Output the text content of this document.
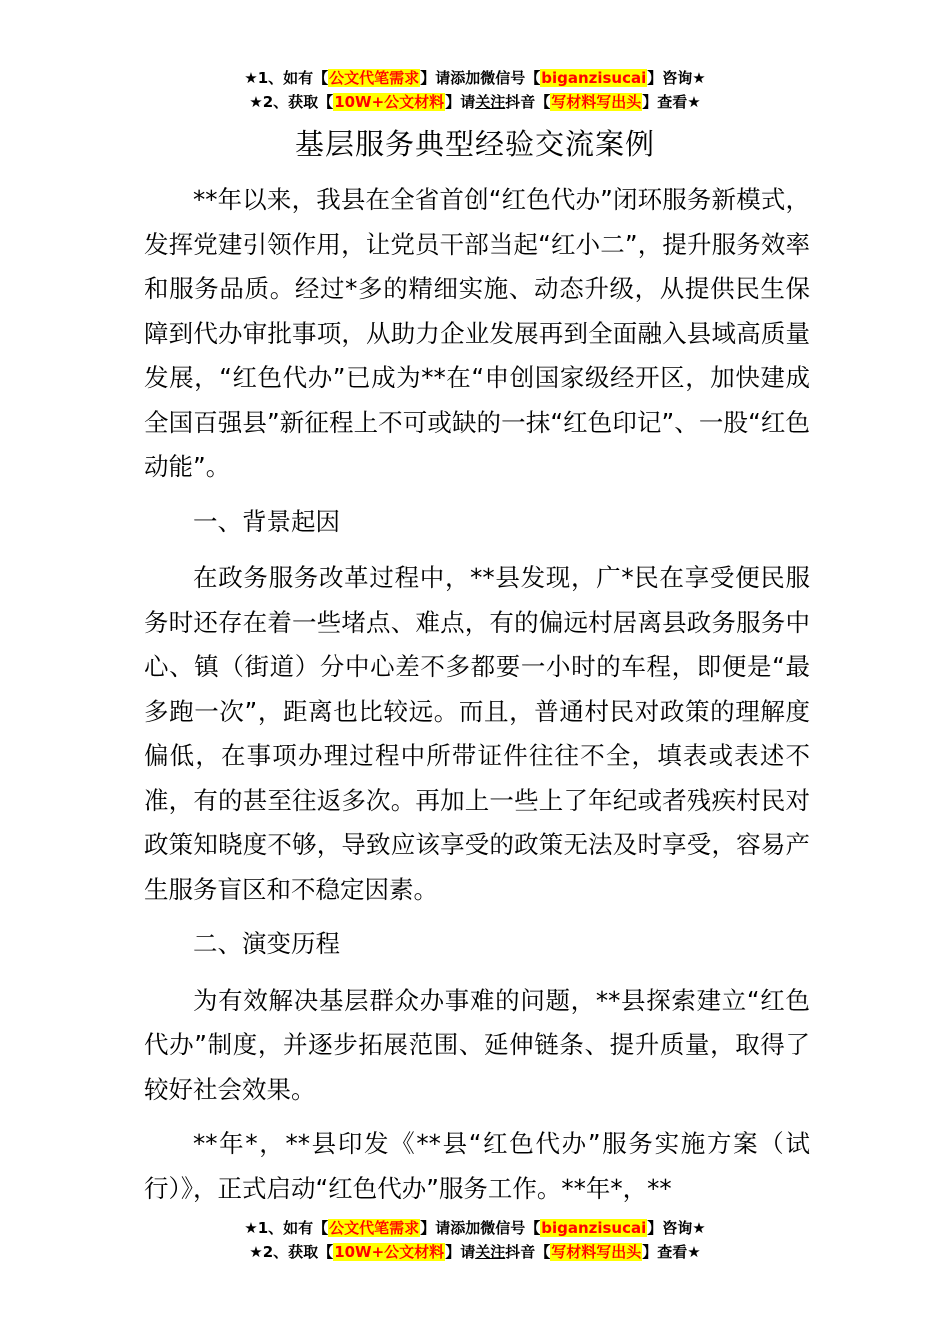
★1、如有【公文代笔需求】请添加微信号【biganzisucai】咨询★
★2、获取【10W+公文材料】请关注抖音【写材料写出头】查看★
基层服务典型经验交流案例

**年以来，我县在全省首创“红色代办”闭环服务新模式，发挥党建引领作用，让党员干部当起“红小二”，提升服务效率和服务品质。经过*多的精细实施、动态升级，从提供民生保障到代办审批事项，从助力企业发展再到全面融入县域高质量发展，“红色代办”已成为**在“申创国家级经开区，加快建成全国百强县”新征程上不可或缺的一抹“红色印记”、一股“红色动能”。

一、背景起因

在政务服务改革过程中，**县发现，广*民在享受便民服务时还存在着一些堵点、难点，有的偏远村居离县政务服务中心、镇（街道）分中心差不多都要一小时的车程，即便是“最多跑一次”，距离也比较远。而且，普通村民对政策的理解度偏低，在事项办理过程中所带证件往往不全，填表或表述不准，有的甚至往返多次。再加上一些上了年纪或者残疾村民对政策知晓度不够，导致应该享受的政策无法及时享受，容易产生服务盲区和不稳定因素。

二、演变历程

为有效解决基层群众办事难的问题，**县探索建立“红色代办”制度，并逐步拓展范围、延伸链条、提升质量，取得了较好社会效果。

**年*，**县印发《**县“红色代办”服务实施方案（试行）》，正式启动“红色代办”服务工作。**年*，**

★1、如有【公文代笔需求】请添加微信号【biganzisucai】咨询★
★2、获取【10W+公文材料】请关注抖音【写材料写出头】查看★
